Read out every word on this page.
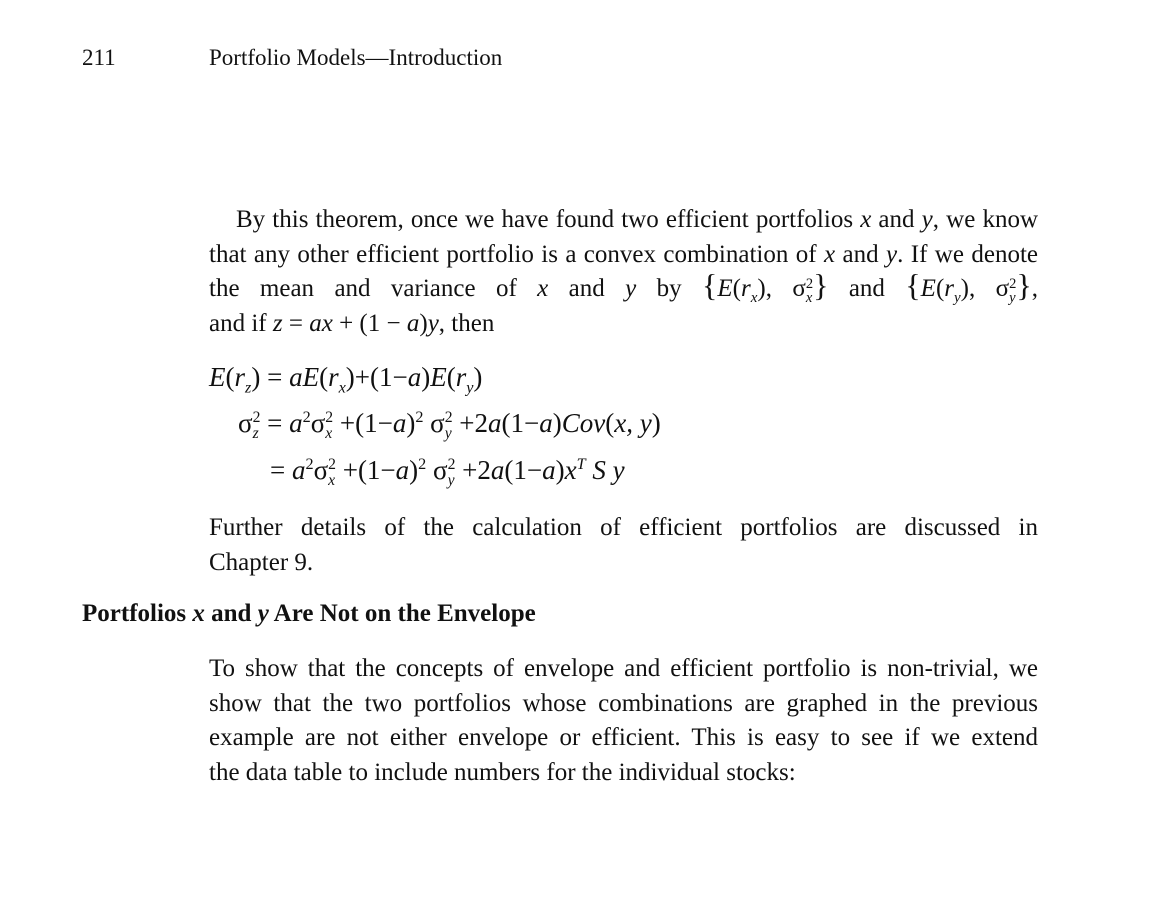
211	Portfolio Models—Introduction
By this theorem, once we have found two efficient portfolios x and y, we know
that any other efficient portfolio is a convex combination of x and y. If we denote
the mean and variance of x and y by {$E(r_x)$, σ 2
x } and {$E(r_y)$, σ 2
y },
and if z = ax + (1 − a)y, then
$E(r_z) = aE(r_x)+(1-a)E(r_y)$
σ 2
$z = a^2\sigma$ 2
$x +(1-a)^2$ σ 2
y +2a(1−a)Cov(x, y)
= $a^2\sigma$ 2
$x +(1-a)^2$ σ 2
$y +2a(1-a)x^T$ S y
Further details of the calculation of efficient portfolios are discussed in
Chapter 9.
Portfolios x and y Are Not on the Envelope
To show that the concepts of envelope and efficient portfolio is non-trivial, we
show that the two portfolios whose combinations are graphed in the previous
example are not either envelope or efficient. This is easy to see if we extend
the data table to include numbers for the individual stocks:
